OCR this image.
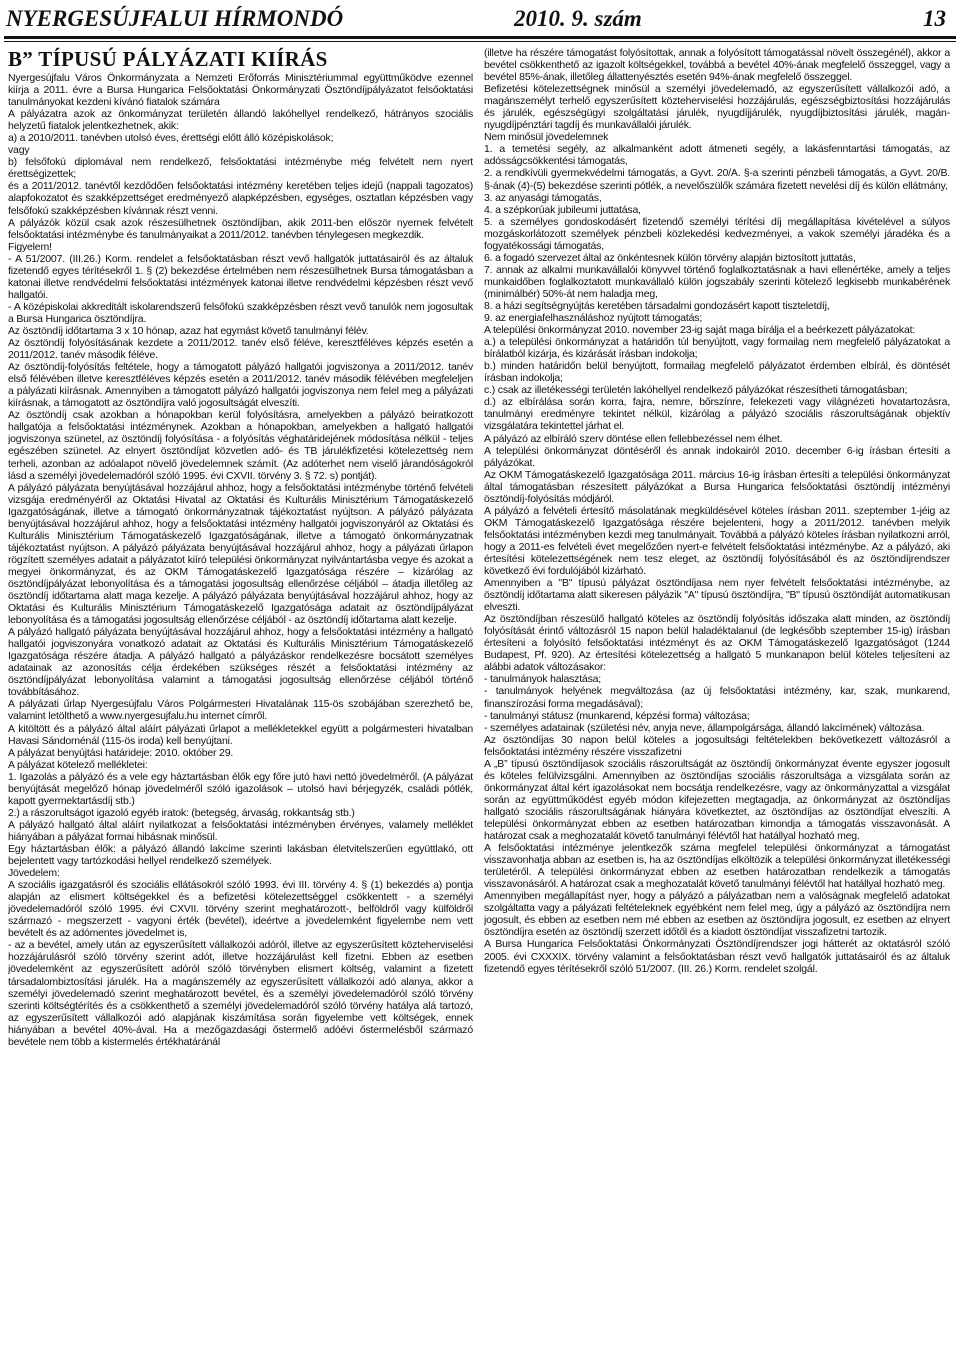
NYERGESÚJFALUI HÍRMONDÓ	2010. 9. szám	13
B” TÍPUSÚ PÁLYÁZATI KIÍRÁS

Nyergesújfalu Város Önkormányzata a Nemzeti Erőforrás Minisztériummal együttműködve ezennel kiírja a 2011. évre a Bursa Hungarica Felsőoktatási Önkormányzati Ösztöndíjpályázatot felsőoktatási tanulmányokat kezdeni kívánó fiatalok számára

A pályázatra azok az önkormányzat területén állandó lakóhellyel rendelkező, hátrányos szociális helyzetű fiatalok jelentkezhetnek, akik:

a) a 2010/2011. tanévben utolsó éves, érettségi előtt álló középiskolások;

vagy

b) felsőfokú diplomával nem rendelkező, felsőoktatási intézménybe még felvételt nem nyert érettségizettek;

és a 2011/2012. tanévtől kezdődően felsőoktatási intézmény keretében teljes idejű (nappali tagozatos) alapfokozatot és szakképzettséget eredményező alapképzésben, egységes, osztatlan képzésben vagy felsőfokú szakképzésben kívánnak részt venni.

A pályázók közül csak azok részesülhetnek ösztöndíjban, akik 2011-ben először nyernek felvételt felsőoktatási intézménybe és tanulmányaikat a 2011/2012. tanévben ténylegesen megkezdik.

Figyelem!

- A 51/2007. (III.26.) Korm. rendelet a felsőoktatásban részt vevő hallgatók juttatásairól és az általuk fizetendő egyes térítésekről 1. § (2) bekezdése értelmében nem részesülhetnek Bursa támogatásban a katonai illetve rendvédelmi felsőoktatási intézmények katonai illetve rendvédelmi képzésben részt vevő hallgatói.

- A középiskolai akkreditált iskolarendszerű felsőfokú szakképzésben részt vevő tanulók nem jogosultak a Bursa Hungarica ösztöndíjra.

Az ösztöndíj időtartama 3 x 10 hónap, azaz hat egymást követő tanulmányi félév.

Az ösztöndíj folyósításának kezdete a 2011/2012. tanév első féléve, keresztféléves képzés esetén a 2011/2012. tanév második féléve.

Az ösztöndíj-folyósítás feltétele, hogy a támogatott pályázó hallgatói jogviszonya a 2011/2012. tanév első félévében illetve keresztféléves képzés esetén a 2011/2012. tanév második félévében megfeleljen a pályázati kiírásnak. Amennyiben a támogatott pályázó hallgatói jogviszonya nem felel meg a pályázati kiírásnak, a támogatott az ösztöndíjra való jogosultságát elveszíti.

Az ösztöndíj csak azokban a hónapokban kerül folyósításra, amelyekben a pályázó beiratkozott hallgatója a felsőoktatási intézménynek. Azokban a hónapokban, amelyekben a hallgató hallgatói jogviszonya szünetel, az ösztöndíj folyósítása - a folyósítás véghatáridejének módosítása nélkül - teljes egészében szünetel. Az elnyert ösztöndíjat közvetlen adó- és TB járulékfizetési kötelezettség nem terheli, azonban az adóalapot növelő jövedelemnek számít. (Az adóterhet nem viselő járandóságokról lásd a személyi jövedelemadóról szóló 1995. évi CXVII. törvény 3. § 72. s) pontját).

A pályázó pályázata benyújtásával hozzájárul ahhoz, hogy a felsőoktatási intézménybe történő felvételi vizsgája eredményéről az Oktatási Hivatal az Oktatási és Kulturális Minisztérium Támogatáskezelő Igazgatóságának, illetve a támogató önkormányzatnak tájékoztatást nyújtson. A pályázó pályázata benyújtásával hozzájárul ahhoz, hogy a felsőoktatási intézmény hallgatói jogviszonyáról az Oktatási és Kulturális Minisztérium Támogatáskezelő Igazgatóságának, illetve a támogató önkormányzatnak tájékoztatást nyújtson. A pályázó pályázata benyújtásával hozzájárul ahhoz, hogy a pályázati űrlapon rögzített személyes adatait a pályázatot kiíró települési önkormányzat nyilvántartásba vegye és azokat a megyei önkormányzat, és az OKM Támogatáskezelő Igazgatósága részére – kizárólag az ösztöndíjpályázat lebonyolítása és a támogatási jogosultság ellenőrzése céljából – átadja illetőleg az ösztöndíj időtartama alatt maga kezelje. A pályázó pályázata benyújtásával hozzájárul ahhoz, hogy az Oktatási és Kulturális Minisztérium Támogatáskezelő Igazgatósága adatait az ösztöndíjpályázat lebonyolítása és a támogatási jogosultság ellenőrzése céljából - az ösztöndíj időtartama alatt kezelje.

A pályázó hallgató pályázata benyújtásával hozzájárul ahhoz, hogy a felsőoktatási intézmény a hallgató hallgatói jogviszonyára vonatkozó adatait az Oktatási és Kulturális Minisztérium Támogatáskezelő Igazgatósága részére átadja. A pályázó hallgató a pályázáskor rendelkezésre bocsátott személyes adatainak az azonosítás célja érdekében szükséges részét a felsőoktatási intézmény az ösztöndíjpályázat lebonyolítása valamint a támogatási jogosultság ellenőrzése céljából történő továbbításához.

A pályázati űrlap Nyergesújfalu Város Polgármesteri Hivatalának 115-ös szobájában szerezhető be, valamint letölthető a www.nyergesujfalu.hu internet címről.

A kitöltött és a pályázó által aláírt pályázati űrlapot a mellékletekkel együtt a polgármesteri hivatalban Havasi Sándornénál (115-ös iroda) kell benyújtani.

A pályázat benyújtási határideje: 2010. október 29.

A pályázat kötelező mellékletei:

1. Igazolás a pályázó és a vele egy háztartásban élők egy főre jutó havi nettó jövedelméről. (A pályázat benyújtását megelőző hónap jövedelméről szóló igazolások – utolsó havi bérjegyzék, családi pótlék, kapott gyermektartásdíj stb.)

2.) a rászorultságot igazoló egyéb iratok: (betegség, árvaság, rokkantság stb.)

A pályázó hallgató által aláírt nyilatkozat a felsőoktatási intézményben érvényes, valamely melléklet hiányában a pályázat formai hibásnak minősül.

Egy háztartásban élők: a pályázó állandó lakcíme szerinti lakásban életvitelszerűen együttlakó, ott bejelentett vagy tartózkodási hellyel rendelkező személyek.

Jövedelem:

A szociális igazgatásról és szociális ellátásokról szóló 1993. évi III. törvény 4. § (1) bekezdés a) pontja alapján az elismert költségekkel és a befizetési kötelezettséggel csökkentett - a személyi jövedelemadóról szóló 1995. évi CXVII. törvény szerint meghatározott-, belföldről vagy külföldről származó - megszerzett - vagyoni érték (bevétel), ideértve a jövedelemként figyelembe nem vett bevételt és az adómentes jövedelmet is,

- az a bevétel, amely után az egyszerűsített vállalkozói adóról, illetve az egyszerűsített közteherviselési hozzájárulásról szóló törvény szerint adót, illetve hozzájárulást kell fizetni. Ebben az esetben jövedelemként az egyszerűsített adóról szóló törvényben elismert költség, valamint a fizetett társadalombiztosítási járulék. Ha a magánszemély az egyszerűsített vállalkozói adó alanya, akkor a személyi jövedelemadó szerint meghatározott bevétel, és a személyi jövedelemadóról szóló törvény szerinti költségtérítés és a csökkenthető a személyi jövedelemadóról szóló törvény hatálya alá tartozó, az egyszerűsített vállalkozói adó alapjának kiszámítása során figyelembe vett költségek, ennek hiányában a bevétel 40%-ával. Ha a mezőgazdasági őstermelő adóévi őstermelésből származó bevétele nem több a kistermelés értékhatáránál

(illetve ha részére támogatást folyósítottak, annak a folyósított támogatással növelt összegénél), akkor a bevétel csökkenthető az igazolt költségekkel, továbbá a bevétel 40%-ának megfelelő összeggel, vagy a bevétel 85%-ának, illetőleg állattenyésztés esetén 94%-ának megfelelő összeggel.

Befizetési kötelezettségnek minősül a személyi jövedelemadó, az egyszerűsített vállalkozói adó, a magánszemélyt terhelő egyszerűsített közteherviselési hozzájárulás, egészségbiztosítási hozzájárulás és járulék, egészségügyi szolgáltatási járulék, nyugdíjjárulék, nyugdíjbiztosítási járulék, magán-nyugdíjpénztári tagdíj és munkavállalói járulék.

Nem minősül jövedelemnek

1. a temetési segély, az alkalmanként adott átmeneti segély, a lakásfenntartási támogatás, az adósságcsökkentési támogatás,

2. a rendkívüli gyermekvédelmi támogatás, a Gyvt. 20/A. §-a szerinti pénzbeli támogatás, a Gyvt. 20/B. §-ának (4)-(5) bekezdése szerinti pótlék, a nevelőszülők számára fizetett nevelési díj és külön ellátmány,

3. az anyasági támogatás,

4. a szépkorúak jubileumi juttatása,

5. a személyes gondoskodásért fizetendő személyi térítési díj megállapítása kivételével a súlyos mozgáskorlátozott személyek pénzbeli közlekedési kedvezményei, a vakok személyi járadéka és a fogyatékossági támogatás,

6. a fogadó szervezet által az önkéntesnek külön törvény alapján biztosított juttatás,

7. annak az alkalmi munkavállalói könyvvel történő foglalkoztatásnak a havi ellenértéke, amely a teljes munkaidőben foglalkoztatott munkavállaló külön jogszabály szerinti kötelező legkisebb munkabérének (minimálbér) 50%-át nem haladja meg,

8. a házi segítségnyújtás keretében társadalmi gondozásért kapott tiszteletdíj,

9. az energiafelhasználáshoz nyújtott támogatás;

A települési önkormányzat 2010. november 23-ig saját maga bírálja el a beérkezett pályázatokat:

a.) a települési önkormányzat a határidőn túl benyújtott, vagy formailag nem megfelelő pályázatokat a bírálatból kizárja, és kizárását írásban indokolja;

b.) minden határidőn belül benyújtott, formailag megfelelő pályázatot érdemben elbírál, és döntését írásban indokolja;

c.) csak az illetékességi területén lakóhellyel rendelkező pályázókat részesítheti támogatásban;

d.) az elbírálása során korra, fajra, nemre, bőrszínre, felekezeti vagy világnézeti hovatartozásra, tanulmányi eredményre tekintet nélkül, kizárólag a pályázó szociális rászorultságának objektív vizsgálatára tekintettel járhat el.

A pályázó az elbíráló szerv döntése ellen fellebbezéssel nem élhet.

A települési önkormányzat döntéséről és annak indokairól 2010. december 6-ig írásban értesíti a pályázókat.

Az OKM Támogatáskezelő Igazgatósága 2011. március 16-ig írásban értesíti a települési önkormányzat által támogatásban részesített pályázókat a Bursa Hungarica felsőoktatási ösztöndíj intézményi ösztöndíj-folyósítás módjáról.

A pályázó a felvételi értesítő másolatának megküldésével köteles írásban 2011. szeptember 1-jéig az OKM Támogatáskezelő Igazgatósága részére bejelenteni, hogy a 2011/2012. tanévben melyik felsőoktatási intézményben kezdi meg tanulmányait. Továbbá a pályázó köteles írásban nyilatkozni arról, hogy a 2011-es felvételi évet megelőzően nyert-e felvételt felsőoktatási intézménybe. Az a pályázó, aki értesítési kötelezettségének nem tesz eleget, az ösztöndíj folyósításából és az ösztöndíjrendszer következő évi fordulójából kizárható.

Amennyiben a "B" típusú pályázat ösztöndíjasa nem nyer felvételt felsőoktatási intézménybe, az ösztöndíj időtartama alatt sikeresen pályázik "A" típusú ösztöndíjra, "B" típusú ösztöndíját automatikusan elveszti.

Az ösztöndíjban részesülő hallgató köteles az ösztöndíj folyósítás időszaka alatt minden, az ösztöndíj folyósítását érintő változásról 15 napon belül haladéktalanul (de legkésőbb szeptember 15-ig) írásban értesíteni a folyósító felsőoktatási intézményt és az OKM Támogatáskezelő Igazgatóságot (1244 Budapest, Pf. 920). Az értesítési kötelezettség a hallgató 5 munkanapon belül köteles teljesíteni az alábbi adatok változásakor:

- tanulmányok halasztása;

- tanulmányok helyének megváltozása (az új felsőoktatási intézmény, kar, szak, munkarend, finanszírozási forma megadásával);

- tanulmányi státusz (munkarend, képzési forma) változása;

- személyes adatainak (születési név, anyja neve, állampolgársága, állandó lakcímének) változása.

Az ösztöndíjas 30 napon belül köteles a jogosultsági feltételekben bekövetkezett változásról a felsőoktatási intézmény részére visszafizetni

A „B” típusú ösztöndíjasok szociális rászorultságát az ösztöndíj önkormányzat évente egyszer jogosult és köteles felülvizsgálni. Amennyiben az ösztöndíjas szociális rászorultsága a vizsgálata során az önkormányzat által kért igazolásokat nem bocsátja rendelkezésre, vagy az önkormányzattal a vizsgálat során az együttműködést egyéb módon kifejezetten megtagadja, az önkormányzat az ösztöndíjas hallgató szociális rászorultságának hiányára következtet, az ösztöndíjas az ösztöndíjat elveszíti. A települési önkormányzat ebben az esetben határozatban kimondja a támogatás visszavonását. A határozat csak a meghozatalát követő tanulmányi félévtől hat hatállyal hozható meg.

A felsőoktatási intézménye jelentkezők száma megfelel települési önkormányzat a támogatást visszavonhatja abban az esetben is, ha az ösztöndíjas elköltözik a települési önkormányzat illetékességi területéről. A települési önkormányzat ebben az esetben határozatban rendelkezik a támogatás visszavonásáról. A határozat csak a meghozatalát követő tanulmányi félévtől hat hatállyal hozható meg.

Amennyiben megállapítást nyer, hogy a pályázó a pályázatban nem a valóságnak megfelelő adatokat szolgáltatta vagy a pályázati feltételeknek egyébként nem felel meg, úgy a pályázó az ösztöndíjra nem jogosult, és ebben az esetben nem mé ebben az esetben az ösztöndíjra jogosult, ez esetben az elnyert ösztöndíjra esetén az ösztöndíj szerzett időtől és a kiadott ösztöndíjat visszafizetni tartozik.

A Bursa Hungarica Felsőoktatási Önkormányzati Ösztöndíjrendszer jogi hátterét az oktatásról szóló 2005. évi CXXXIX. törvény valamint a felsőoktatásban részt vevő hallgatók juttatásairól és az általuk fizetendő egyes térítésekről szóló 51/2007. (III. 26.) Korm. rendelet szolgál.
